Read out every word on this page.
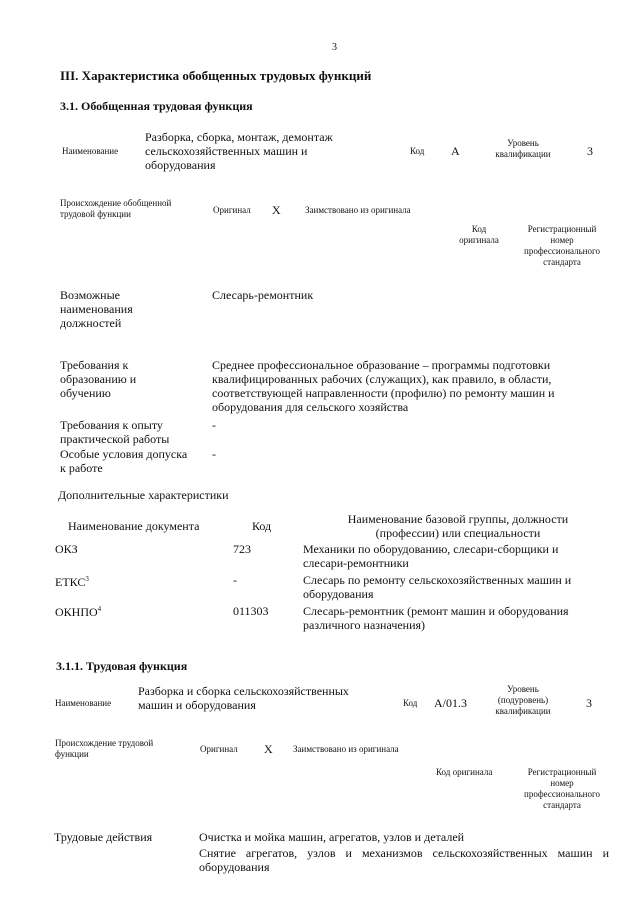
3
III. Характеристика обобщенных трудовых функций
3.1. Обобщенная трудовая функция
Наименование
Разборка, сборка, монтаж, демонтаж
сельскохозяйственных машин и
оборудования
Код А
Уровень
квалификации	3
Происхождение обобщенной
трудовой функции	Оригинал X	Заимствовано из оригинала
Код
оригинала
Регистрационный
номер
профессионального
стандарта
Возможные
наименования
должностей
Слесарь-ремонтник
Требования к
образованию и
обучению
Среднее профессиональное образование – программы подготовки квалифицированных рабочих (служащих), как правило, в области, соответствующей направленности (профилю) по ремонту машин и оборудования для сельского хозяйства
Требования к опыту
практической работы
-
Особые условия допуска
к работе
-
Дополнительные характеристики
Наименование документа	Код	Наименование базовой группы, должности
(профессии) или специальности
ОКЗ	723	Механики по оборудованию, слесари-сборщики и слесари-ремонтники
ЕТКС$^3$	-	Слесарь по ремонту сельскохозяйственных машин и оборудования
ОКНПО$^4$	011303	Слесарь-ремонтник (ремонт машин и оборудования различного назначения)
3.1.1. Трудовая функция
Наименование
Разборка и сборка сельскохозяйственных
машин и оборудования	Код А/01.3
Уровень
(подуровень)
квалификации
3
Происхождение трудовой
функции	Оригинал X Заимствовано из оригинала
Код оригинала	Регистрационный
номер
профессионального
стандарта
Трудовые действия	Очистка и мойка машин, агрегатов, узлов и деталей
Снятие агрегатов, узлов и механизмов сельскохозяйственных машин и оборудования
